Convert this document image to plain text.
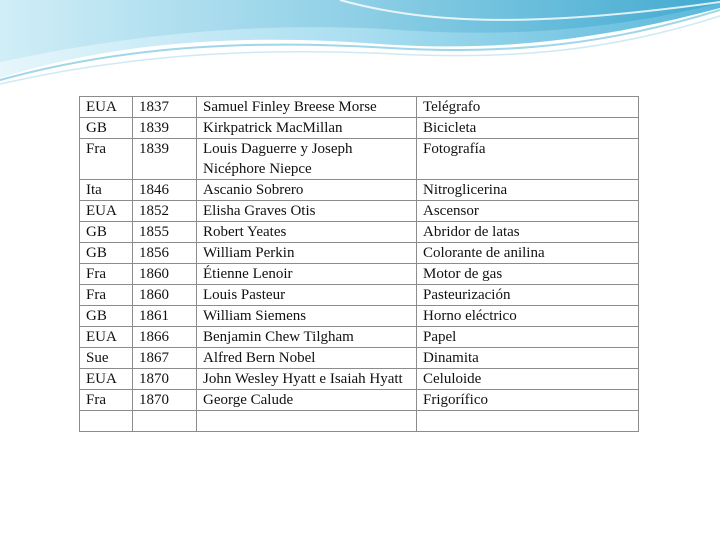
EUA	1837	Samuel Finley Breese Morse	Telégrafo
GB	1839	Kirkpatrick MacMillan	Bicicleta
Fra	1839	Louis Daguerre y Joseph Nicéphore Niepce	Fotografía
Ita	1846	Ascanio Sobrero	Nitroglicerina
EUA	1852	Elisha Graves Otis	Ascensor
GB	1855	Robert Yeates	Abridor de latas
GB	1856	William Perkin	Colorante de anilina
Fra	1860	Étienne Lenoir	Motor de gas
Fra	1860	Louis Pasteur	Pasteurización
GB	1861	William Siemens	Horno eléctrico
EUA	1866	Benjamin Chew Tilgham	Papel
Sue	1867	Alfred Bern Nobel	Dinamita
EUA	1870	John Wesley Hyatt e Isaiah Hyatt	Celuloide
Fra	1870	George Calude	Frigorífico
